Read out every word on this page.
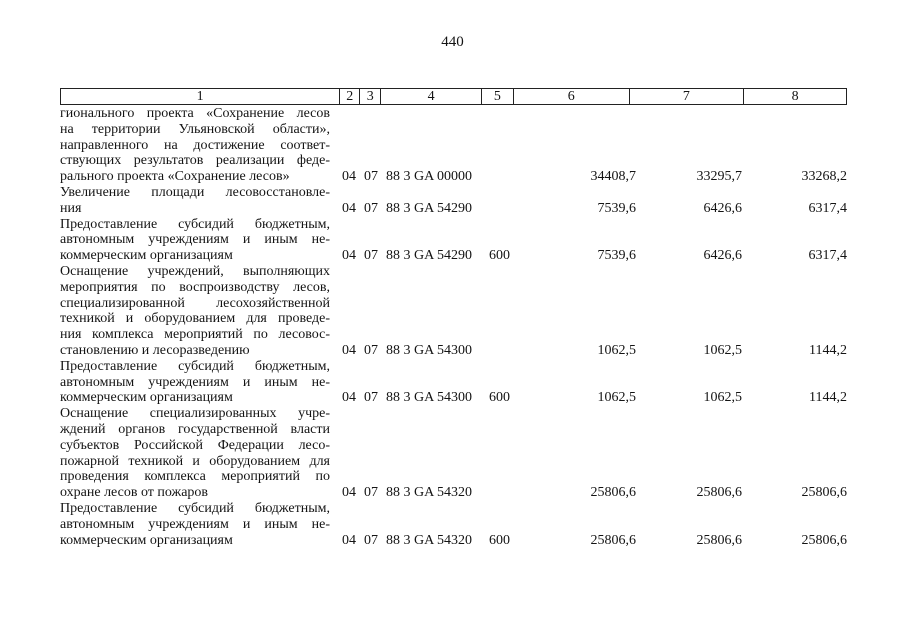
440
1	2 3	4	5	6	7	8
гионального проекта «Сохранение лесов
на территории Ульяновской области»,
направленного на достижение соответ-
ствующих результатов реализации феде-
рального проекта «Сохранение лесов»	04 07 88 3 GA 00000	34408,7	33295,7	33268,2
Увеличение площади лесовосстановле-
ния	04 07 88 3 GA 54290	7539,6	6426,6	6317,4
Предоставление субсидий бюджетным,
автономным учреждениям и иным не-
коммерческим организациям	04 07 88 3 GA 54290	600	7539,6	6426,6	6317,4
Оснащение учреждений, выполняющих
мероприятия по воспроизводству лесов,
специализированной лесохозяйственной
техникой и оборудованием для проведе-
ния комплекса мероприятий по лесовос-
становлению и лесоразведению	04 07 88 3 GA 54300	1062,5	1062,5	1144,2
Предоставление субсидий бюджетным,
автономным учреждениям и иным не-
коммерческим организациям	04 07 88 3 GA 54300	600	1062,5	1062,5	1144,2
Оснащение специализированных учре-
ждений органов государственной власти
субъектов Российской Федерации лесо-
пожарной техникой и оборудованием для
проведения комплекса мероприятий по
охране лесов от пожаров	04 07 88 3 GA 54320	25806,6	25806,6	25806,6
Предоставление субсидий бюджетным,
автономным учреждениям и иным не-
коммерческим организациям	04 07 88 3 GA 54320	600	25806,6	25806,6	25806,6
